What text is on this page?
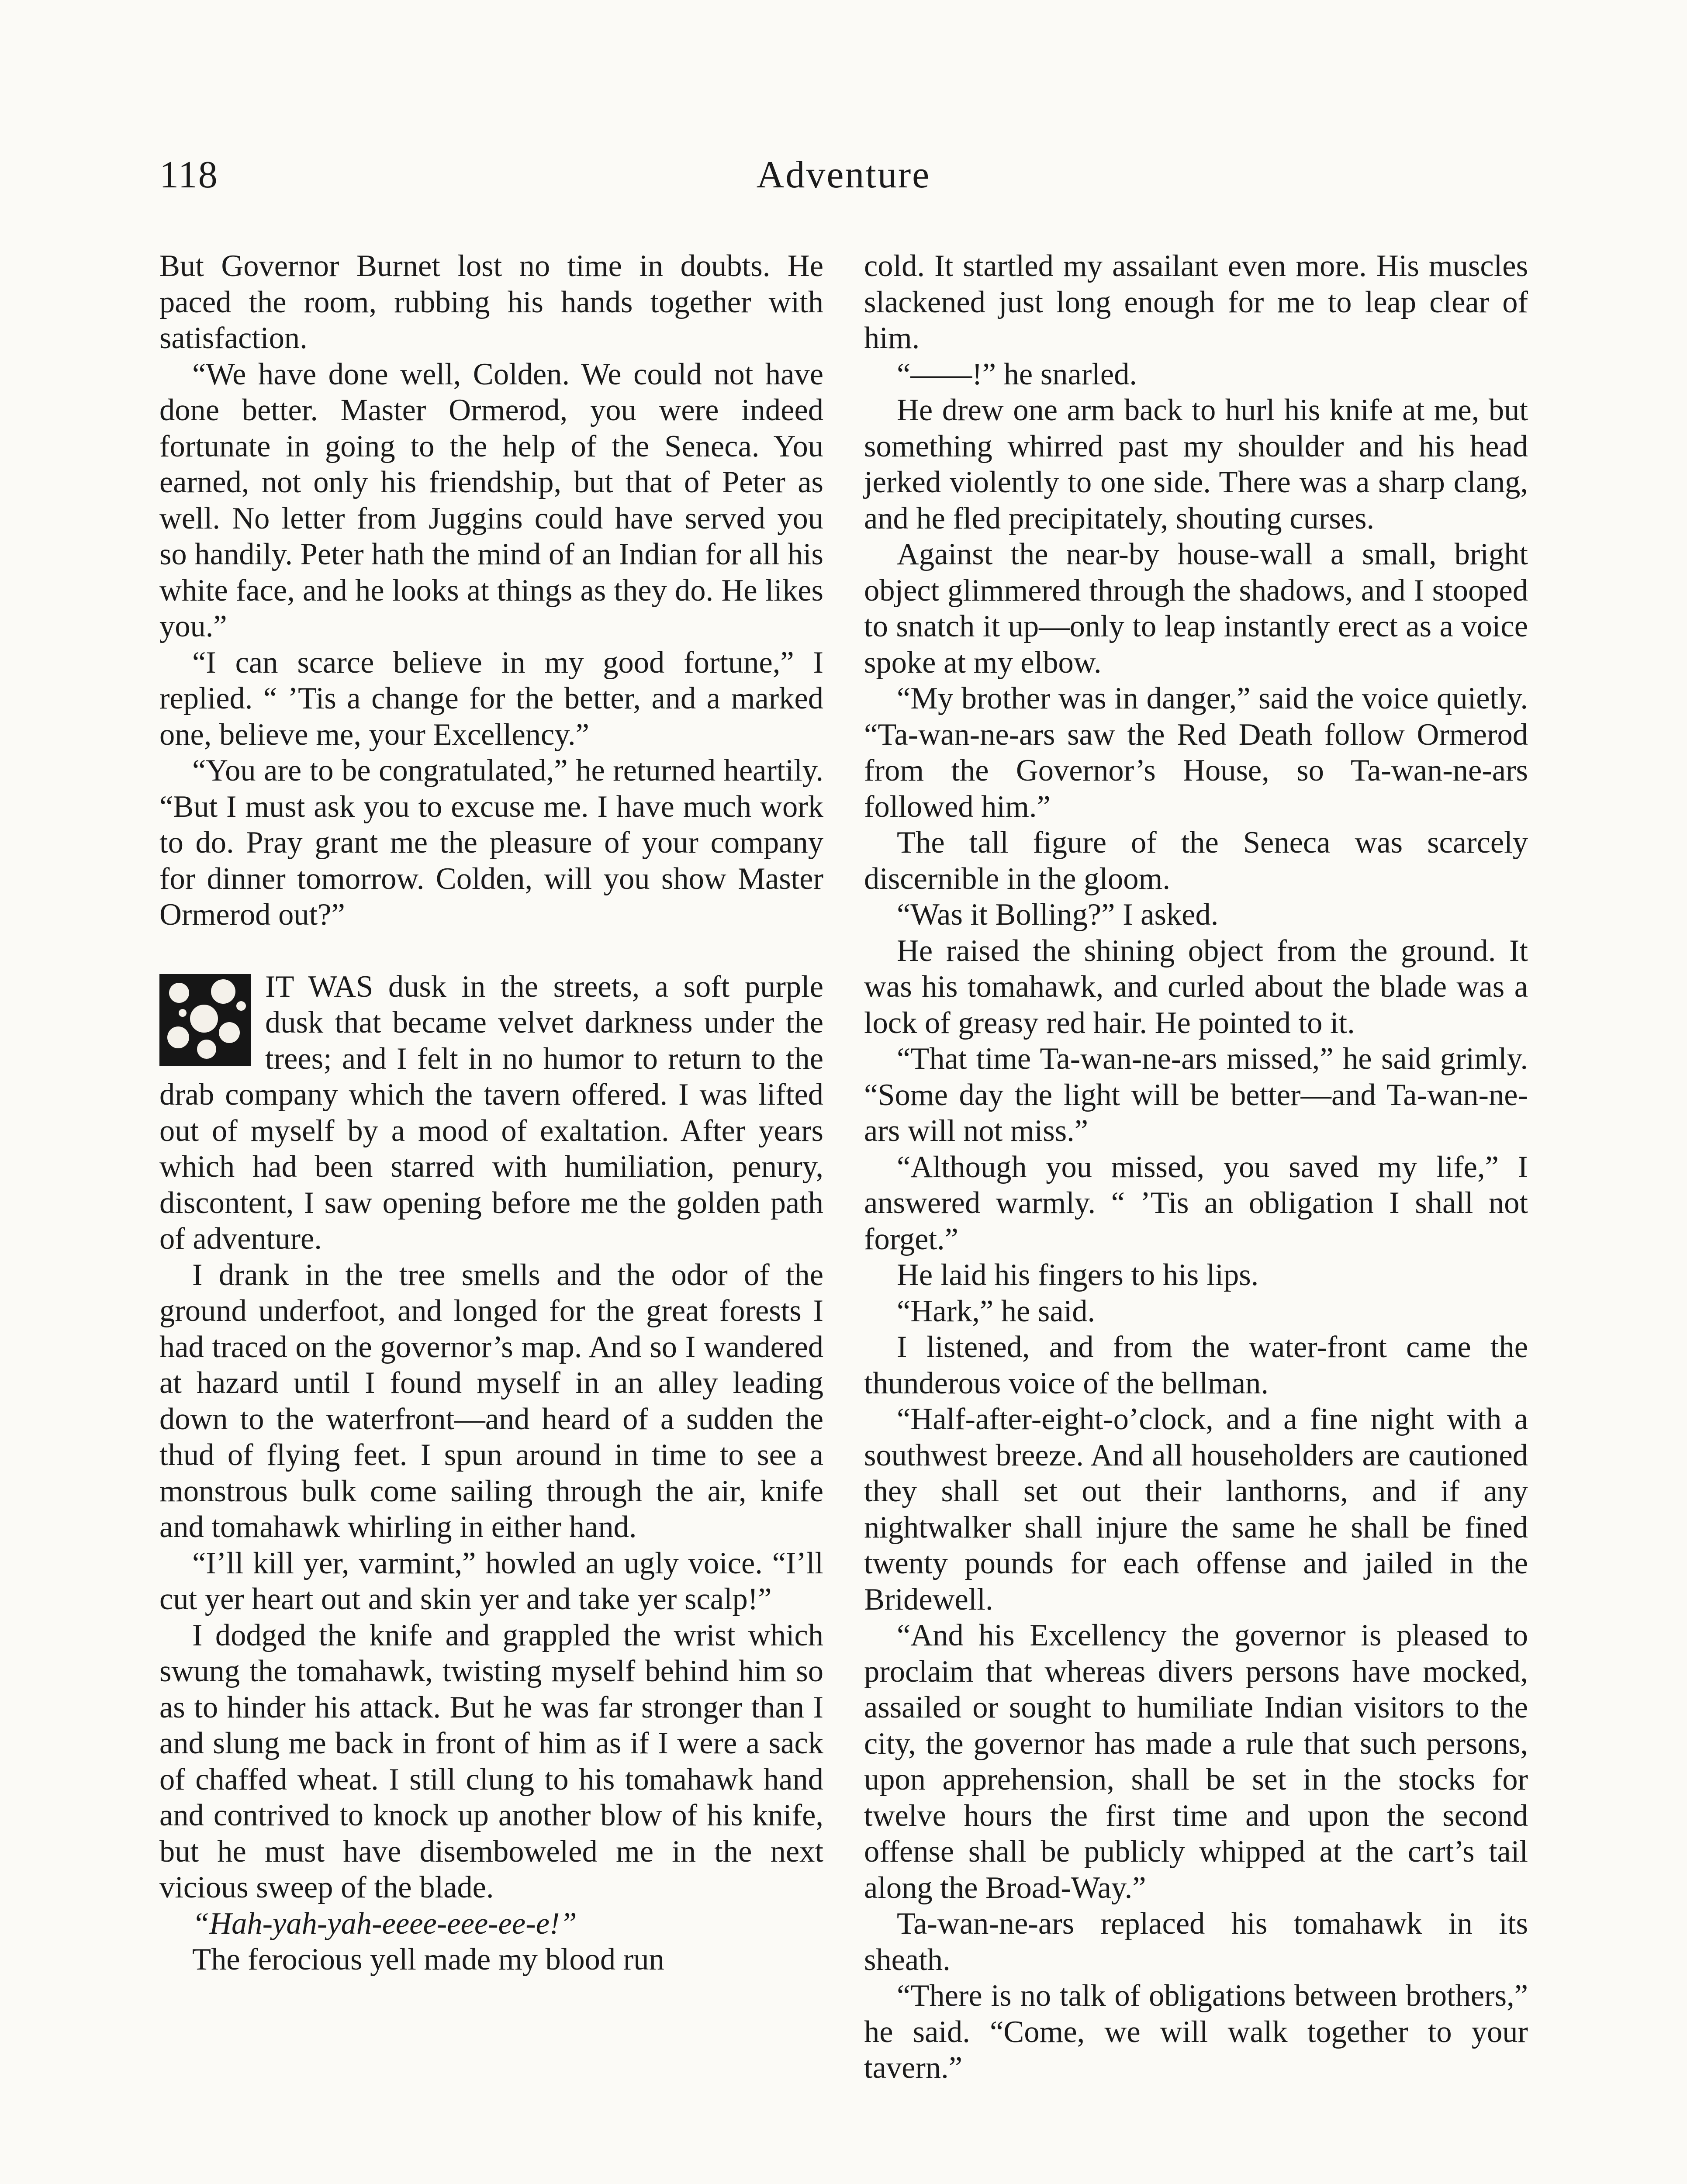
118	Adventure

But Governor Burnet lost no time in doubts. He paced the room, rubbing his hands together with satisfaction.

“We have done well, Colden. We could not have done better. Master Ormerod, you were indeed fortunate in going to the help of the Seneca. You earned, not only his friendship, but that of Peter as well. No letter from Juggins could have served you so handily. Peter hath the mind of an Indian for all his white face, and he looks at things as they do. He likes you.”

“I can scarce believe in my good fortune,” I replied. “ ’Tis a change for the better, and a marked one, believe me, your Excellency.”

“You are to be congratulated,” he returned heartily. “But I must ask you to excuse me. I have much work to do. Pray grant me the pleasure of your company for dinner tomorrow. Colden, will you show Master Ormerod out?”

IT WAS dusk in the streets, a soft purple dusk that became velvet darkness under the trees; and I felt in no humor to return to the drab company which the tavern offered. I was lifted out of myself by a mood of exaltation. After years which had been starred with humiliation, penury, discontent, I saw opening before me the golden path of adventure.

I drank in the tree smells and the odor of the ground underfoot, and longed for the great forests I had traced on the governor’s map. And so I wandered at hazard until I found myself in an alley leading down to the waterfront—and heard of a sudden the thud of flying feet. I spun around in time to see a monstrous bulk come sailing through the air, knife and tomahawk whirling in either hand.

“I’ll kill yer, varmint,” howled an ugly voice. “I’ll cut yer heart out and skin yer and take yer scalp!”

I dodged the knife and grappled the wrist which swung the tomahawk, twisting myself behind him so as to hinder his attack. But he was far stronger than I and slung me back in front of him as if I were a sack of chaffed wheat. I still clung to his tomahawk hand and contrived to knock up another blow of his knife, but he must have disemboweled me in the next vicious sweep of the blade.

“Hah-yah-yah-eeee-eee-ee-e!”

The ferocious yell made my blood run

cold. It startled my assailant even more. His muscles slackened just long enough for me to leap clear of him.

“——!” he snarled.

He drew one arm back to hurl his knife at me, but something whirred past my shoulder and his head jerked violently to one side. There was a sharp clang, and he fled precipitately, shouting curses.

Against the near-by house-wall a small, bright object glimmered through the shadows, and I stooped to snatch it up—only to leap instantly erect as a voice spoke at my elbow.

“My brother was in danger,” said the voice quietly. “Ta-wan-ne-ars saw the Red Death follow Ormerod from the Governor’s House, so Ta-wan-ne-ars followed him.”

The tall figure of the Seneca was scarcely discernible in the gloom.

“Was it Bolling?” I asked.

He raised the shining object from the ground. It was his tomahawk, and curled about the blade was a lock of greasy red hair. He pointed to it.

“That time Ta-wan-ne-ars missed,” he said grimly. “Some day the light will be better—and Ta-wan-ne-ars will not miss.”

“Although you missed, you saved my life,” I answered warmly. “ ’Tis an obligation I shall not forget.”

He laid his fingers to his lips.

“Hark,” he said.

I listened, and from the water-front came the thunderous voice of the bellman.

“Half-after-eight-o’clock, and a fine night with a southwest breeze. And all householders are cautioned they shall set out their lanthorns, and if any nightwalker shall injure the same he shall be fined twenty pounds for each offense and jailed in the Bridewell.

“And his Excellency the governor is pleased to proclaim that whereas divers persons have mocked, assailed or sought to humiliate Indian visitors to the city, the governor has made a rule that such persons, upon apprehension, shall be set in the stocks for twelve hours the first time and upon the second offense shall be publicly whipped at the cart’s tail along the Broad-Way.”

Ta-wan-ne-ars replaced his tomahawk in its sheath.

“There is no talk of obligations between brothers,” he said. “Come, we will walk together to your tavern.”
